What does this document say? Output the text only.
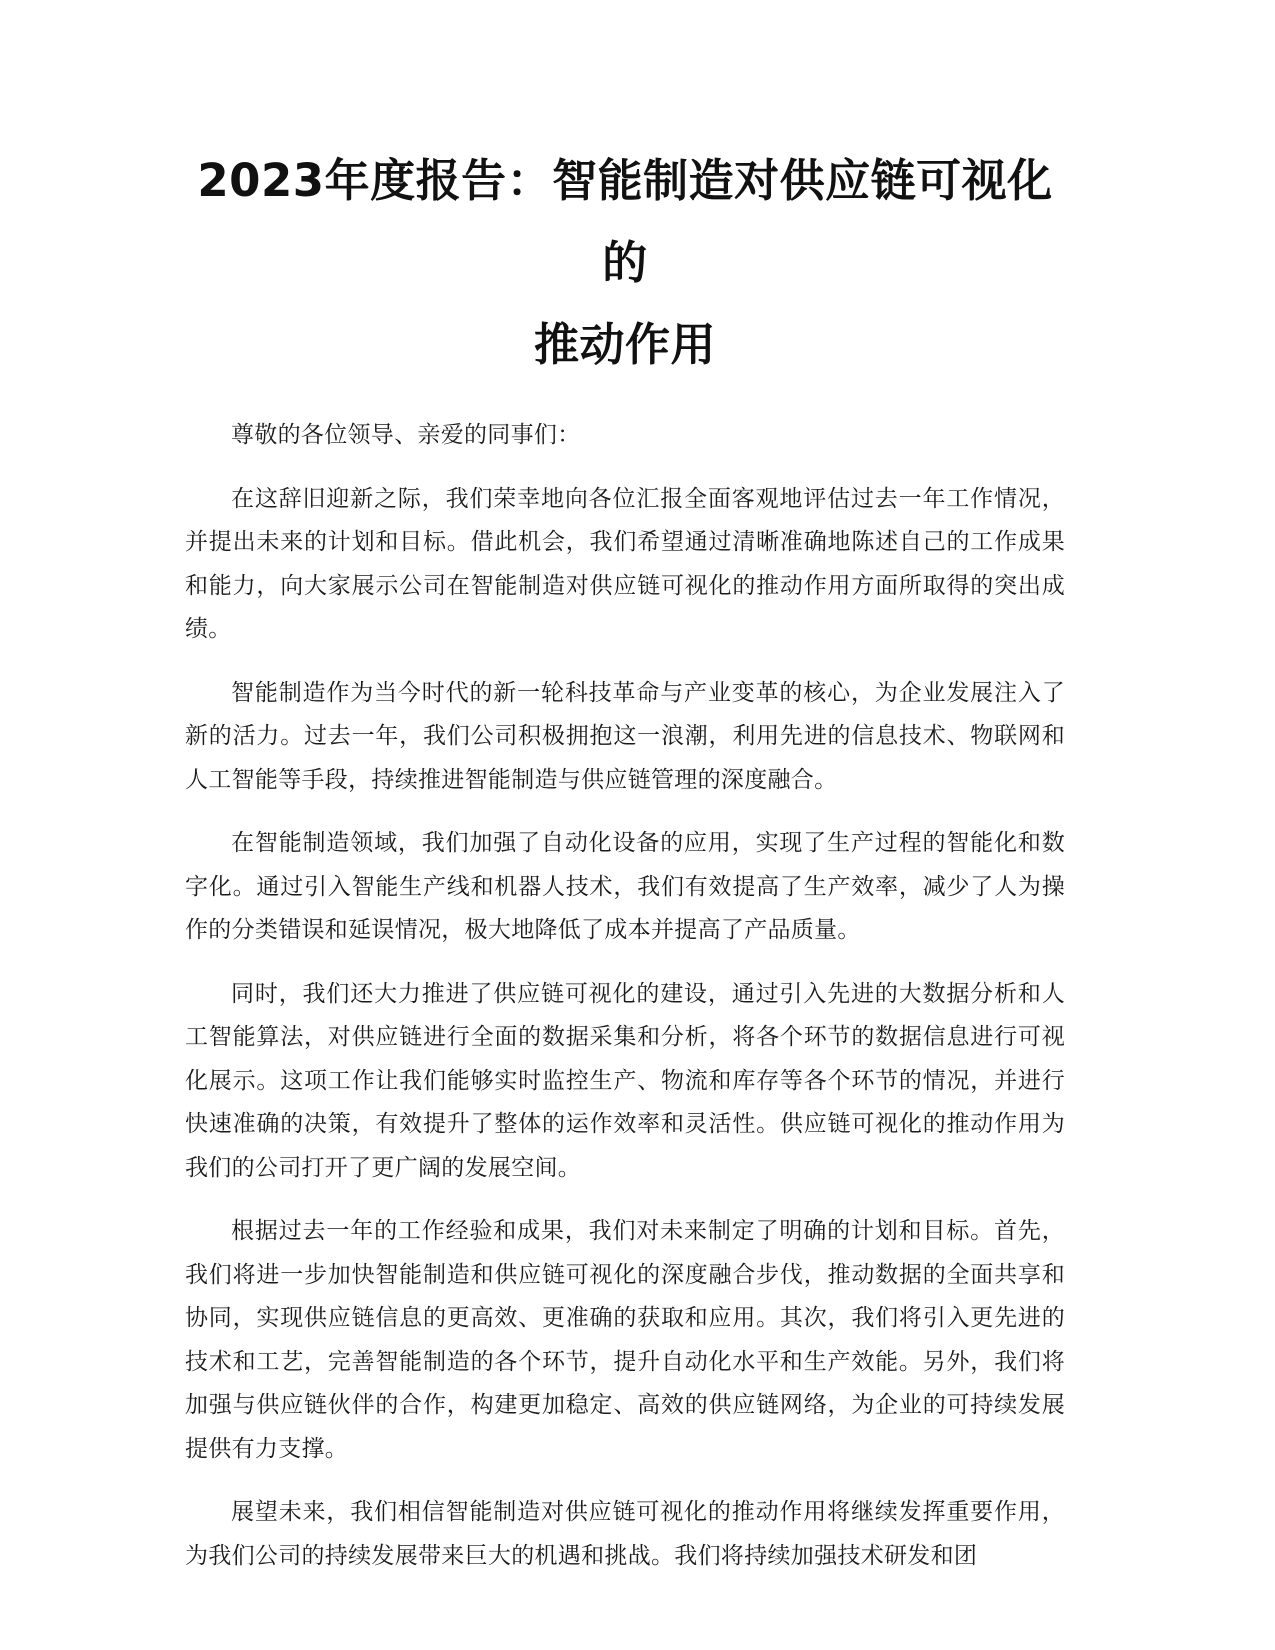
2023年度报告：智能制造对供应链可视化的
推动作用

尊敬的各位领导、亲爱的同事们：

在这辞旧迎新之际，我们荣幸地向各位汇报全面客观地评估过去一年工作情况，并提出未来的计划和目标。借此机会，我们希望通过清晰准确地陈述自己的工作成果和能力，向大家展示公司在智能制造对供应链可视化的推动作用方面所取得的突出成绩。

智能制造作为当今时代的新一轮科技革命与产业变革的核心，为企业发展注入了新的活力。过去一年，我们公司积极拥抱这一浪潮，利用先进的信息技术、物联网和人工智能等手段，持续推进智能制造与供应链管理的深度融合。

在智能制造领域，我们加强了自动化设备的应用，实现了生产过程的智能化和数字化。通过引入智能生产线和机器人技术，我们有效提高了生产效率，减少了人为操作的分类错误和延误情况，极大地降低了成本并提高了产品质量。

同时，我们还大力推进了供应链可视化的建设，通过引入先进的大数据分析和人工智能算法，对供应链进行全面的数据采集和分析，将各个环节的数据信息进行可视化展示。这项工作让我们能够实时监控生产、物流和库存等各个环节的情况，并进行快速准确的决策，有效提升了整体的运作效率和灵活性。供应链可视化的推动作用为我们的公司打开了更广阔的发展空间。

根据过去一年的工作经验和成果，我们对未来制定了明确的计划和目标。首先，我们将进一步加快智能制造和供应链可视化的深度融合步伐，推动数据的全面共享和协同，实现供应链信息的更高效、更准确的获取和应用。其次，我们将引入更先进的技术和工艺，完善智能制造的各个环节，提升自动化水平和生产效能。另外，我们将加强与供应链伙伴的合作，构建更加稳定、高效的供应链网络，为企业的可持续发展提供有力支撑。

展望未来，我们相信智能制造对供应链可视化的推动作用将继续发挥重要作用，为我们公司的持续发展带来巨大的机遇和挑战。我们将持续加强技术研发和团
